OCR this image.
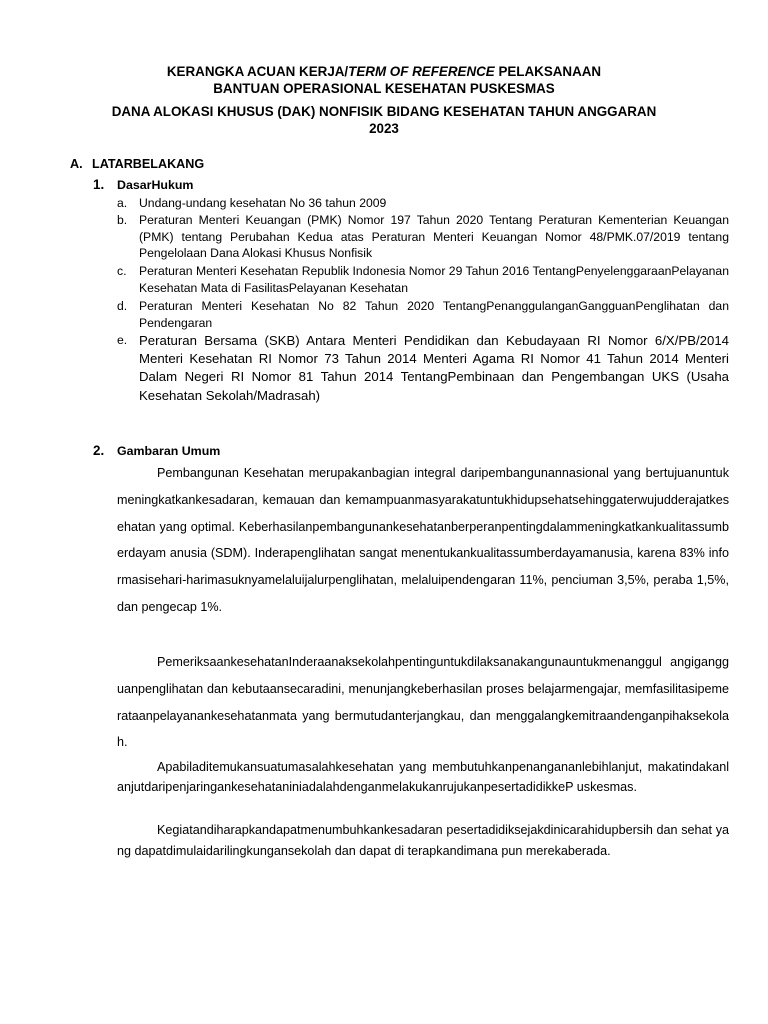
KERANGKA ACUAN KERJA/TERM OF REFERENCE PELAKSANAAN
BANTUAN OPERASIONAL KESEHATAN PUSKESMAS
DANA ALOKASI KHUSUS (DAK) NONFISIK BIDANG KESEHATAN TAHUN ANGGARAN
2023
A. LATARBELAKANG
1. DasarHukum
a. Undang-undang kesehatan No 36 tahun 2009
b. Peraturan Menteri Keuangan (PMK) Nomor 197 Tahun 2020 Tentang Peraturan Kementerian Keuangan (PMK) tentang Perubahan Kedua atas Peraturan Menteri Keuangan Nomor 48/PMK.07/2019 tentang Pengelolaan Dana Alokasi Khusus Nonfisik
c. Peraturan Menteri Kesehatan Republik Indonesia Nomor 29 Tahun 2016 TentangPenyelenggaraanPelayanan Kesehatan Mata di FasilitasPelayanan Kesehatan
d. Peraturan Menteri Kesehatan No 82 Tahun 2020 TentangPenanggulanganGangguanPenglihatan dan Pendengaran
e. Peraturan Bersama (SKB) Antara Menteri Pendidikan dan Kebudayaan RI Nomor 6/X/PB/2014 Menteri Kesehatan RI Nomor 73 Tahun 2014 Menteri Agama RI Nomor 41 Tahun 2014 Menteri Dalam Negeri RI Nomor 81 Tahun 2014 TentangPembinaan dan Pengembangan UKS (Usaha Kesehatan Sekolah/Madrasah)
2. Gambaran Umum
Pembangunan Kesehatan merupakanbagian integral daripembangunannasional yang bertujuanuntukmeningkatkankesadaran, kemauan dan kemampuanmasyarakatuntukhidupsehatsehinggaterwujudderajatkesehatan yang optimal. Keberhasilanpembangunankesehatanberperanpentingdalammeningkatkankualitassumberdayam anusia (SDM). Inderapenglihatan sangat menentukankualitassumberdayamanusia, karena 83% informasisehari-harimasuknyamelaluijalurpenglihatan, melaluipendengaran 11%, penciuman 3,5%, peraba 1,5%, dan pengecap 1%.
PemeriksaankesehatanInderaanaksekolahpentinguntukdilaksanakangunauntukmenanggul angigangguanpenglihatan dan kebutaansecaradini, menunjangkeberhasilan proses belajarmengajar, memfasilitasipemerataanpelayanankesehatanmata yang bermutudanterjangkau, dan menggalangkemitraandenganpihaksekolah.
Apabiladitemukansuatumasalahkesehatan yang membutuhkanpenangananlebihlanjut, makatindakanlanjutdaripenjaringankesehataniniadalahdenganmelakukanrujukanpesertadidikkeP uskesmas.
Kegiatandiharapkandapatmenumbuhkankesadaran pesertadidiksejakdinicarahidupbersih dan sehat yang dapatdimulaidarilingkungansekolah dan dapat di terapkandimana pun merekaberada.
